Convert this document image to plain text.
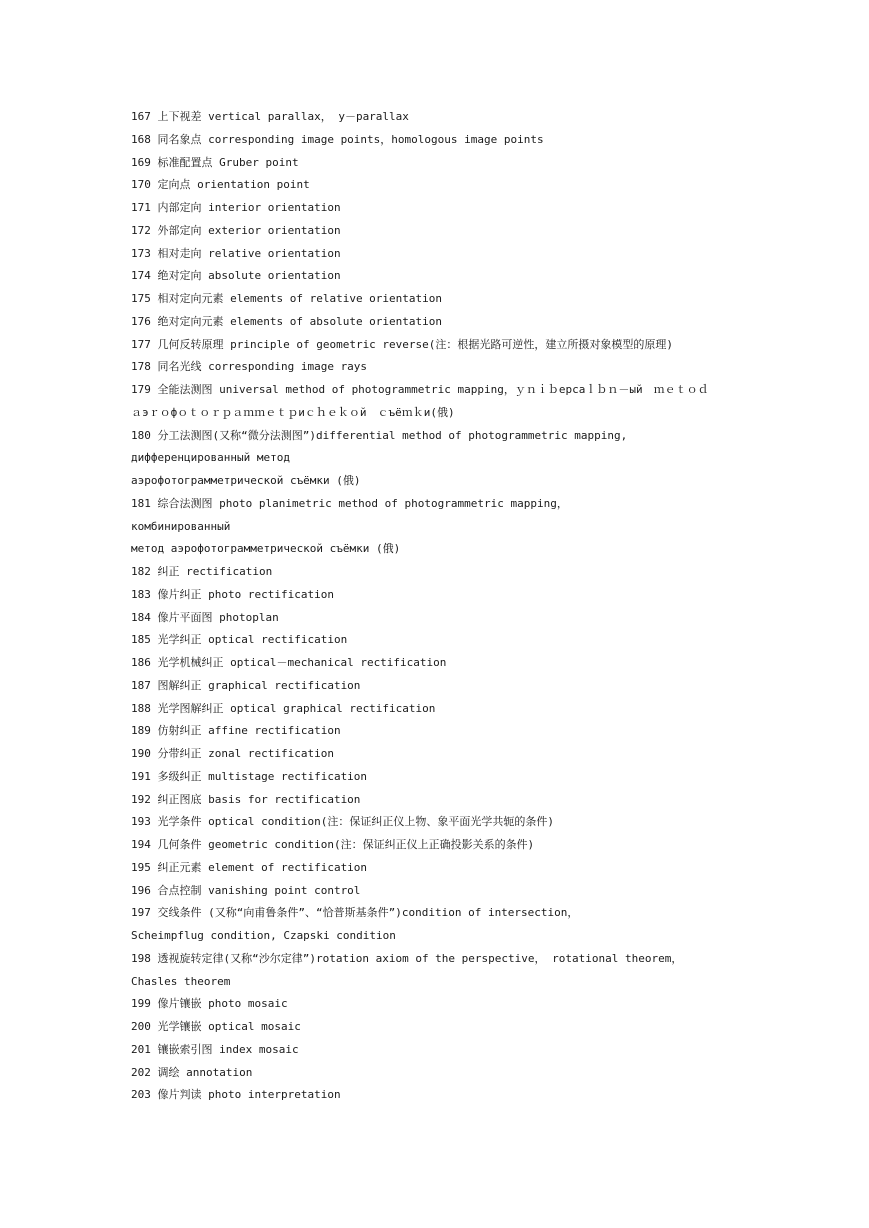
167 上下视差 vertical parallax， y－parallax
168 同名象点 corresponding image points，homologous image points
169 标准配置点 Gruber point
170 定向点 orientation point
171 内部定向 interior orientation
172 外部定向 exterior orientation
173 相对走向 relative orientation
174 绝对定向 absolute orientation
175 相对定向元素 elements of relative orientation
176 绝对定向元素 elements of absolute orientation
177 几何反转原理 principle of geometric reverse(注：根据光路可逆性，建立所摄对象模型的原理)
178 同名光线 corresponding image rays
179 全能法测图 universal method of photogrammetric mapping，ｙｎｉｂерсаｌｂｎ－ый　ｍｅｔｏｄ
ａэｒｏфｏｔｏｒｐａｍｍｅｔｐиｃｈｅｋｏй　ｃъёｍｋи(俄)
180 分工法测图(又称“微分法测图”)differential method of photogrammetric mapping,
дифференцированный метод
аэрофотограмметрической съёмки (俄)
181 综合法测图 photo planimetric method of photogrammetric mapping，
комбинированный
метод аэрофотограмметрической съёмки (俄)
182 纠正 rectification
183 像片纠正 photo rectification
184 像片平面图 photoplan
185 光学纠正 optical rectification
186 光学机械纠正 optical－mechanical rectification
187 图解纠正 graphical rectification
188 光学图解纠正 optical graphical rectification
189 仿射纠正 affine rectification
190 分带纠正 zonal rectification
191 多级纠正 multistage rectification
192 纠正图底 basis for rectification
193 光学条件 optical condition(注：保证纠正仪上物、象平面光学共轭的条件)
194 几何条件 geometric condition(注：保证纠正仪上正确投影关系的条件)
195 纠正元素 element of rectification
196 合点控制 vanishing point control
197 交线条件 (又称“向甫鲁条件”、“恰普斯基条件”)condition of intersection，
Scheimpflug condition, Czapski condition
198 透视旋转定律(又称“沙尔定律”)rotation axiom of the perspective， rotational theorem，
Chasles theorem
199 像片镶嵌 photo mosaic
200 光学镶嵌 optical mosaic
201 镶嵌索引图 index mosaic
202 调绘 annotation
203 像片判读 photo interpretation
